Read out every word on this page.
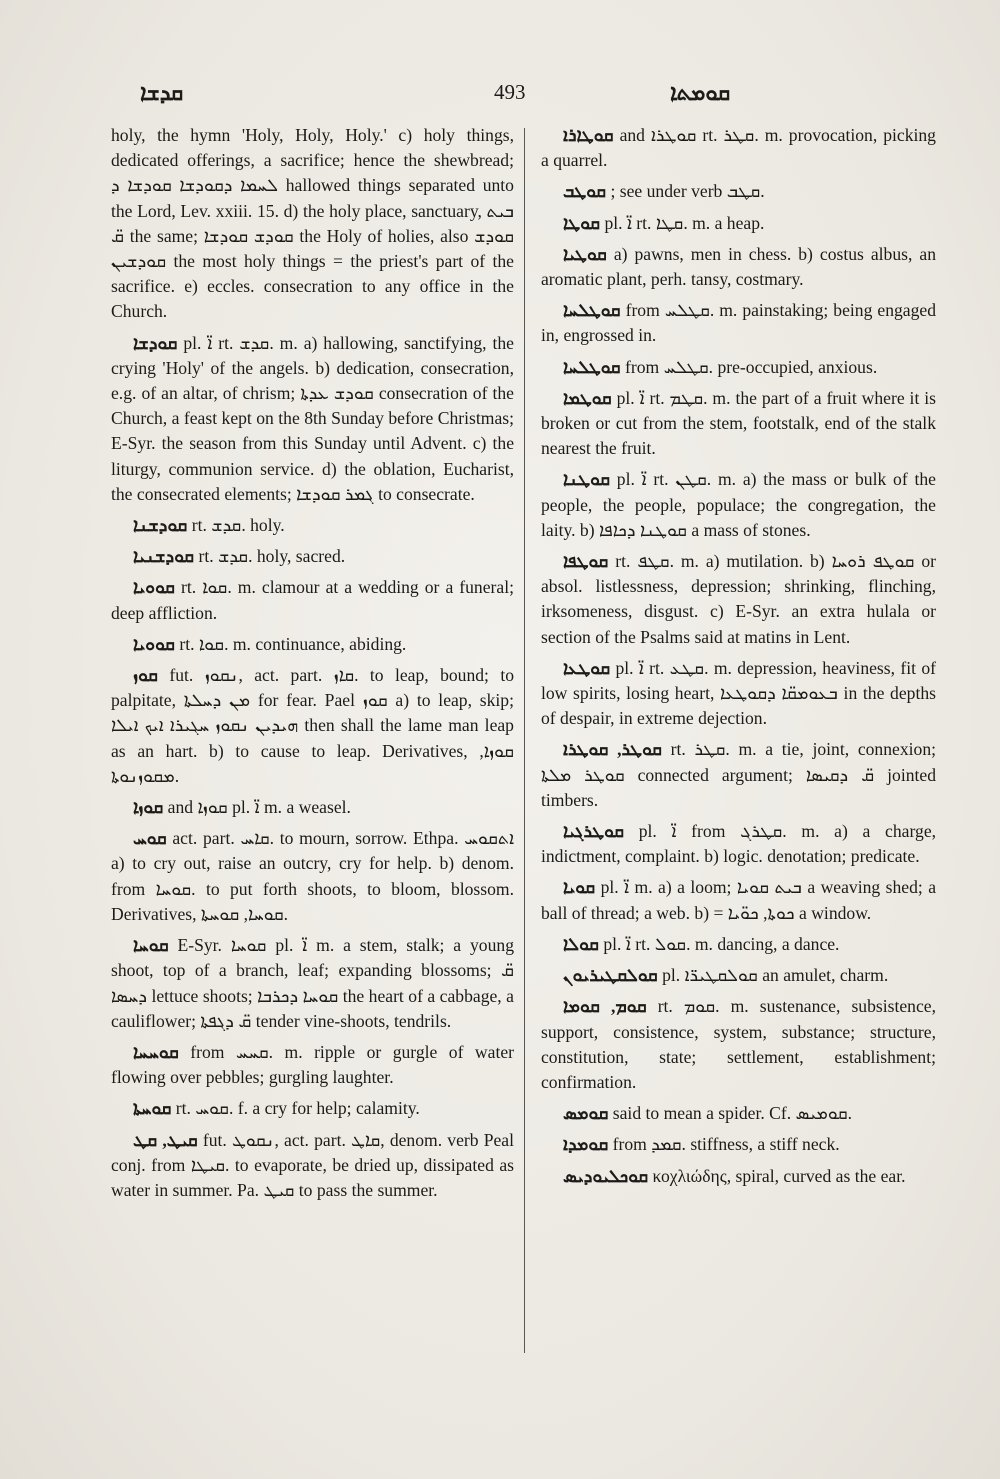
ܩܕܫܐ	493	ܩܘܡܬܐ

holy, the hymn 'Holy, Holy, Holy.' c) holy things, dedicated offerings, a sacrifice; hence the shewbread; ܠܚܡܐ ܕܩܘܕܫܐ ܩܘܕܫܐ ܕ hallowed things separated unto the Lord, Lev. xxiii. 15. d) the holy place, sanctuary, ܒܝܬ ܩ̈ the same; ܩܘܕܫ ܩܘܕܫܐ the Holy of holies, also ܩܘܕܫ ܩܘܕܫܝܢ the most holy things = the priest's part of the sacrifice. e) eccles. consecration to any office in the Church.

ܩܘܕܫܐ pl. ܐ̈ rt. ܩܕܫ. m. a) hallowing, sanctifying, the crying 'Holy' of the angels. b) dedication, consecration, e.g. of an altar, of chrism; ܩܘܕܫ ܥܕܬܐ consecration of the Church, a feast kept on the 8th Sunday before Christmas; E-Syr. the season from this Sunday until Advent. c) the liturgy, communion service. d) the oblation, Eucharist, the consecrated elements; ܓܡܪ ܩܘܕܫܐ to consecrate.

ܩܘܕܫܢܐ rt. ܩܕܫ. holy.

ܩܘܕܫܢܝܐ rt. ܩܕܫ. holy, sacred.

ܩܘܘܝܐ rt. ܩܘܐ. m. clamour at a wedding or a funeral; deep affliction.

ܩܘܘܝܐ rt. ܩܘܐ. m. continuance, abiding.

ܩܘܙ fut. ܢܩܘܙ, act. part. ܩܐܙ. to leap, bound; to palpitate, ܡܢ ܕܚܠܬܐ for fear. Pael ܩܘܙ a) to leap, skip; ܗܝܕܝܢ ܢܩܘܙ ܚܓܝܪܐ ܐܝܟ ܐܝܠܐ then shall the lame man leap as an hart. b) to cause to leap. Derivatives, ܩܘܙܐ, ܡܩܘܙܢܘܬܐ.

ܩܘܙܐ and ܩܘܙܐ pl. ܐ̈ m. a weasel.

ܩܘܚ act. part. ܩܐܚ. to mourn, sorrow. Ethpa. ܐܬܩܘܚ a) to cry out, raise an outcry, cry for help. b) denom. from ܩܘܚܐ. to put forth shoots, to bloom, blossom. Derivatives, ܩܘܚܐ, ܩܘܚܬܐ.

ܩܘܚܐ E-Syr. ܩܘܚܐ pl. ܐ̈ m. a stem, stalk; a young shoot, top of a branch, leaf; expanding blossoms; ܩ̈ ܕܚܣܐ lettuce shoots; ܩܘܚܐ ܕܟܪܒܐ the heart of a cabbage, a cauliflower; ܩ̈ ܕܓܦܬܐ tender vine-shoots, tendrils.

ܩܘܚܚܐ from ܩܚܚ. m. ripple or gurgle of water flowing over pebbles; gurgling laughter.

ܩܘܚܬܐ rt. ܩܘܚ. f. a cry for help; calamity.

ܩܝܛ, ܩܛ fut. ܢܩܘܛ, act. part. ܩܐܛ, denom. verb Peal conj. from ܩܝܛܐ. to evaporate, be dried up, dissipated as water in summer. Pa. ܩܝܛ to pass the summer.

ܩܘܛܐܪܐ and ܩܘܛܪܐ rt. ܩܛܪ. m. provocation, picking a quarrel.

ܩܘܛܒ ; see under verb ܩܛܒ.

ܩܘܛܐ pl. ܐ̈ rt. ܩܛܐ. m. a heap.

ܩܘܛܝܐ a) pawns, men in chess. b) costus albus, an aromatic plant, perh. tansy, costmary.

ܩܘܛܠܚܐ from ܩܛܠܚ. m. painstaking; being engaged in, engrossed in.

ܩܘܛܠܚܐ from ܩܛܠܚ. pre-occupied, anxious.

ܩܘܛܡܐ pl. ܐ̈ rt. ܩܛܡ. m. the part of a fruit where it is broken or cut from the stem, footstalk, end of the stalk nearest the fruit.

ܩܘܛܢܐ pl. ܐ̈ rt. ܩܛܢ. m. a) the mass or bulk of the people, the people, populace; the congregation, the laity. b) ܩܘܛܢܐ ܕܟܐܦܐ a mass of stones.

ܩܘܛܦܐ rt. ܩܛܦ. m. a) mutilation. b) ܩܘܛܦ ܪܘܚܐ or absol. listlessness, depression; shrinking, flinching, irksomeness, disgust. c) E-Syr. an extra hulala or section of the Psalms said at matins in Lent.

ܩܘܛܥܐ pl. ܐ̈ rt. ܩܛܥ. m. depression, heaviness, fit of low spirits, losing heart, ܒܥܘܡܩ̈ܐ ܕܩܘܛܥܐ in the depths of despair, in extreme dejection.

ܩܘܛܪ, ܩܘܛܪܐ rt. ܩܛܪ. m. a tie, joint, connexion; ܩܘܛܪ ܡܠܬܐ connected argument; ܩ̈ ܕܩܝܣܐ jointed timbers.

ܩܘܛܪܓܝܐ pl. ܐ̈ from ܩܛܪܓ. m. a) a charge, indictment, complaint. b) logic. denotation; predicate.

ܩܘܝܐ pl. ܐ̈ m. a) a loom; ܒܝܬ ܩܘܝܐ a weaving shed; a ball of thread; a web. b) = ܟܘܬܐ, ܟܘ̈ܝܐ a window.

ܩܘܠܐ pl. ܐ̈ rt. ܩܘܠ. m. dancing, a dance.

ܩܘܠܩܛܝܪܝܘܢ pl. ܩܘܠܩܛܝܪ̈ܐ an amulet, charm.

ܩܘܡ, ܩܘܡܐ rt. ܩܘܡ. m. sustenance, subsistence, support, consistence, system, substance; structure, constitution, state; settlement, establishment; confirmation.

ܩܘܡܣ said to mean a spider. Cf. ܩܘܡܝܣ.

ܩܘܡܕܐ from ܩܡܕ. stiffness, a stiff neck.

ܩܘܟܠܝܘܕܝܣ κοχλιώδης, spiral, curved as the ear.
